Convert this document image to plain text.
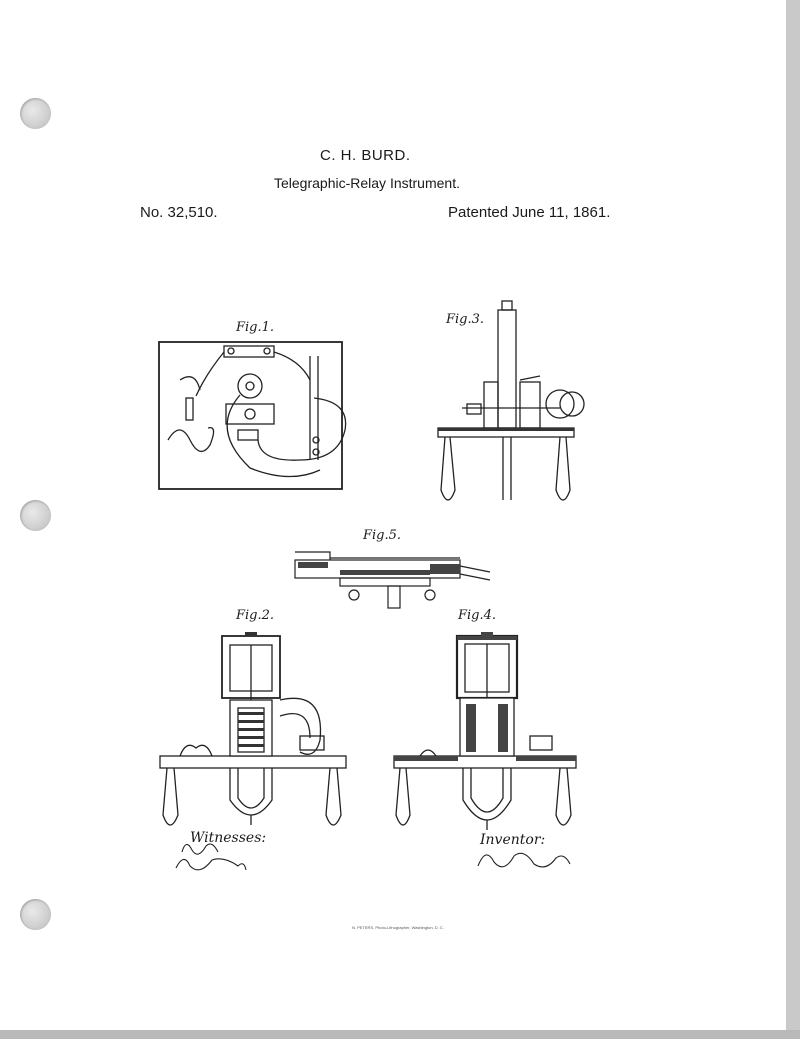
C. H. BURD.
Telegraphic-Relay Instrument.
No. 32,510.	Patented June 11, 1861.
Fig.1.
Fig.3.
Fig.5.
Fig.2.	Fig.4.
Witnesses:	Inventor:
N. PETERS, Photo-Lithographer, Washington, D. C.
